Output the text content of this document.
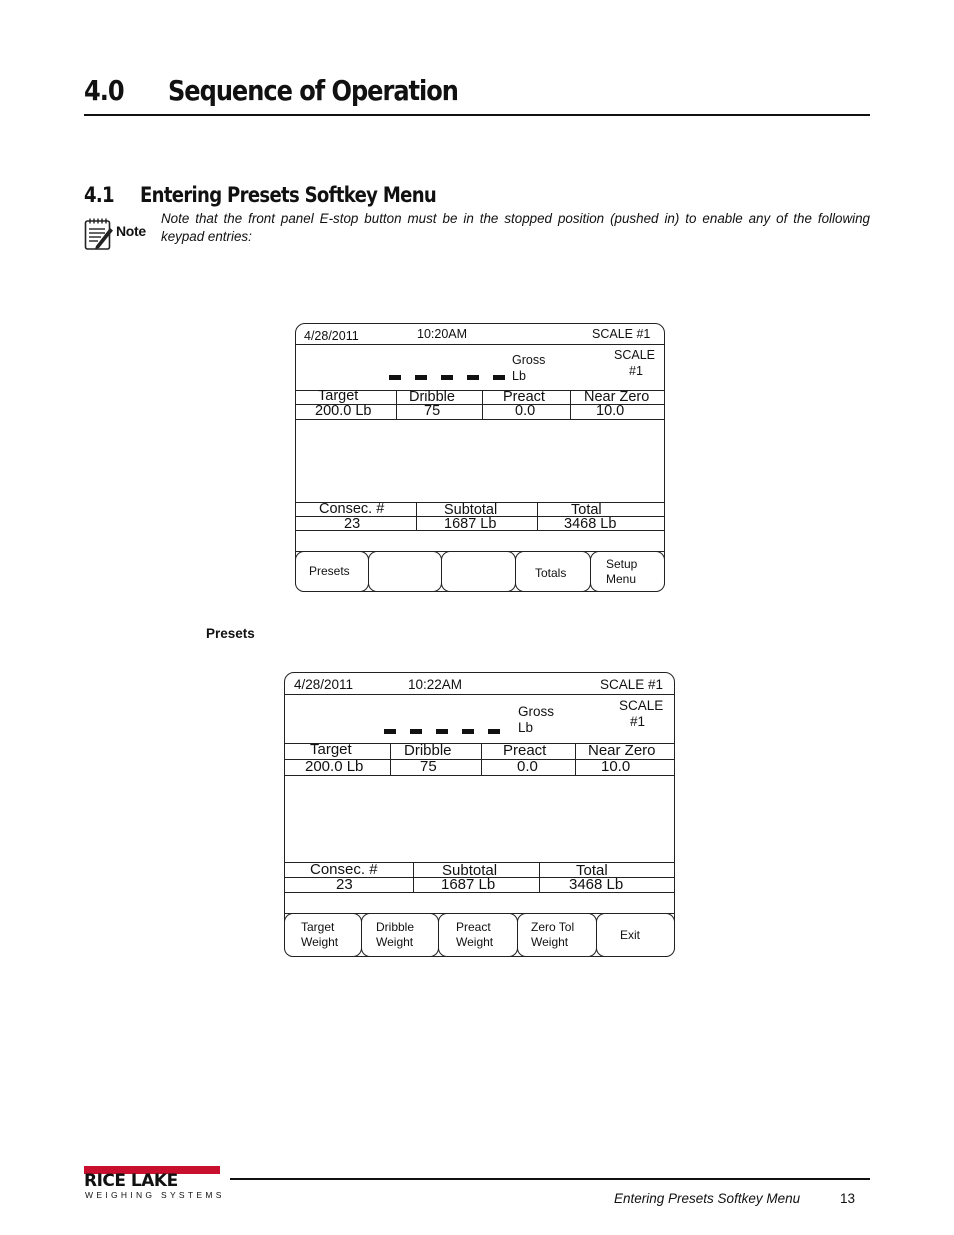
4.0 Sequence of Operation
4.1 Entering Presets Softkey Menu
Note
Note that the front panel E-stop button must be in the stopped position (pushed in) to enable any of the following keypad entries:
4/28/2011	10:20AM	SCALE #1
Gross
Lb
SCALE
#1
Target	Dribble	Preact	Near Zero
200.0 Lb	75	0.0	10.0
Consec. #	Subtotal	Total
23	1687 Lb	3468 Lb
Presets	Totals
Setup Menu
Presets
4/28/2011	10:22AM	SCALE #1
Gross
Lb
SCALE
#1
Target	Dribble	Preact	Near Zero
200.0 Lb	75	0.0	10.0
Consec. #	Subtotal	Total
23	1687 Lb	3468 Lb
Target Weight
Dribble Weight
Preact Weight
Zero Tol Weight
Exit
RICE LAKE
WEIGHING SYSTEMS	Entering Presets Softkey Menu	13
